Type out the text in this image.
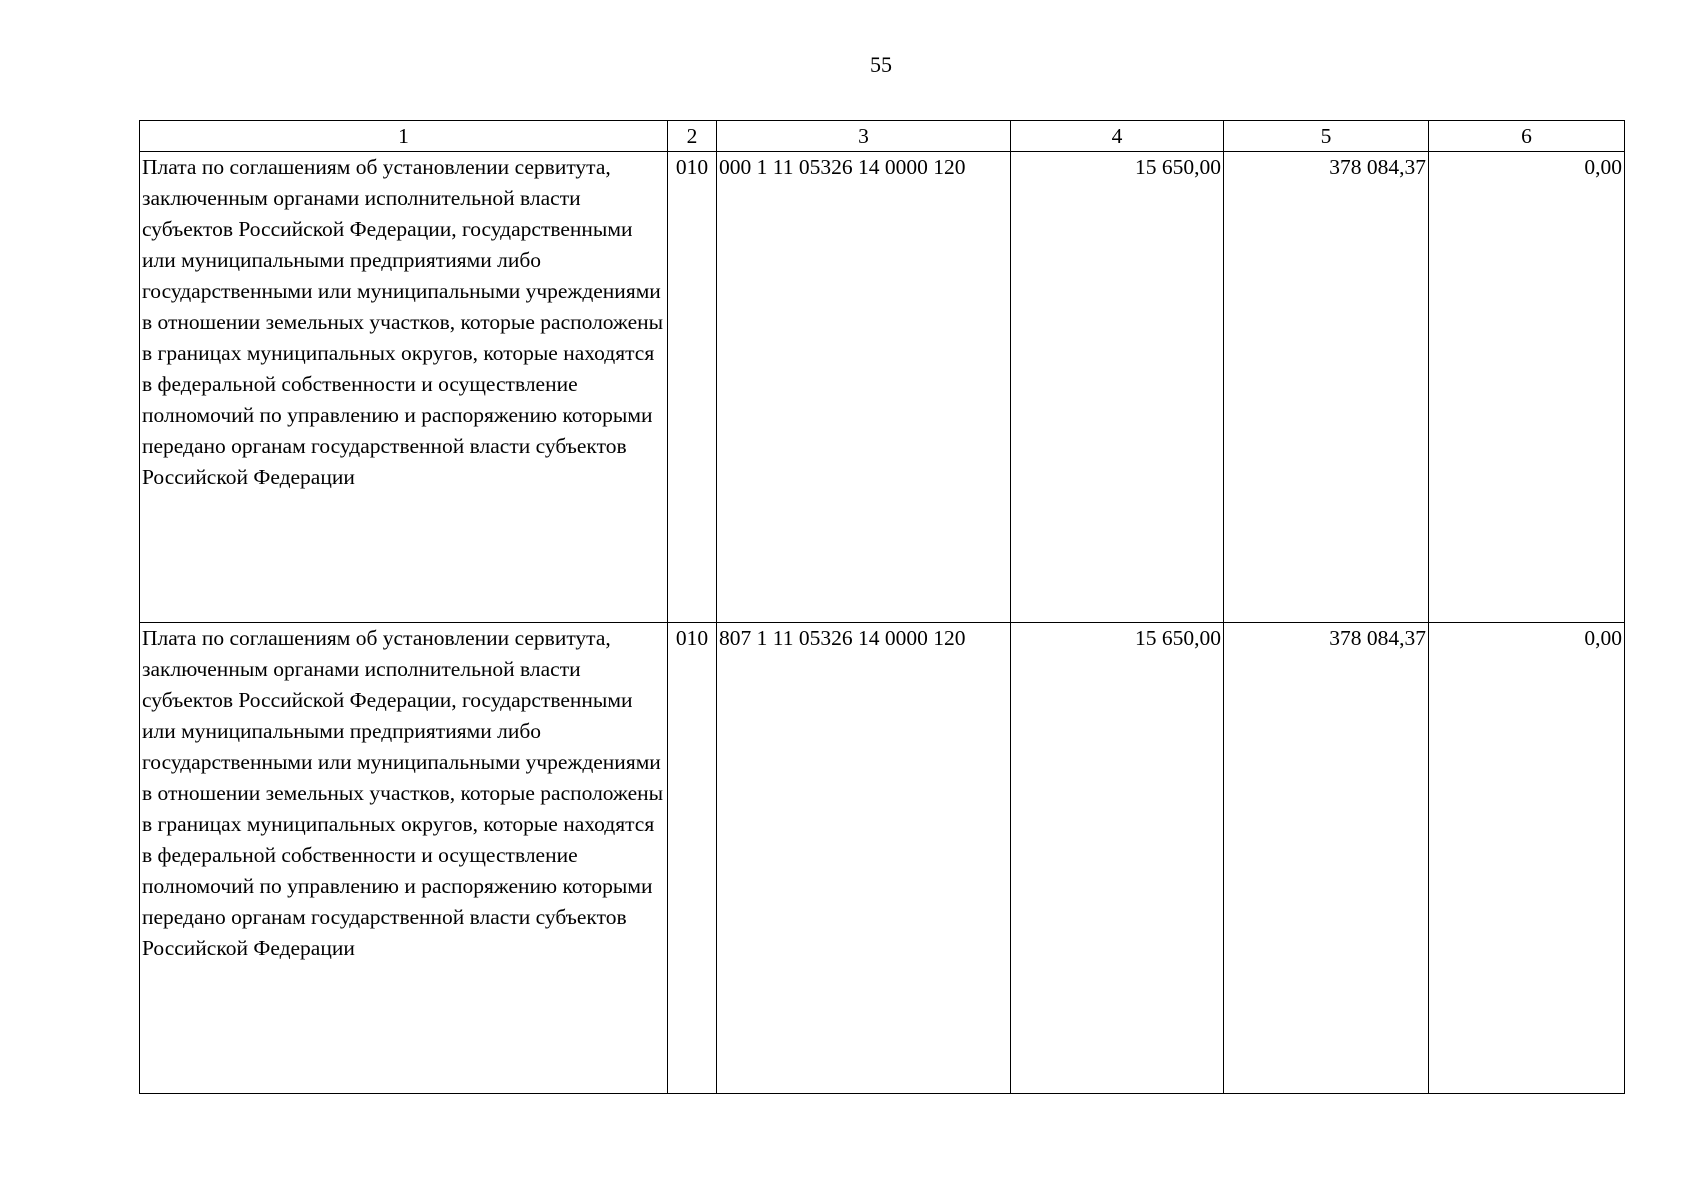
55
1	2	3	4	5	6
Плата по соглашениям об установлении сервитута, заключенным органами исполнительной власти субъектов Российской Федерации, государственными или муниципальными предприятиями либо государственными или муниципальными учреждениями в отношении земельных участков, которые расположены в границах муниципальных округов, которые находятся в федеральной собственности и осуществление полномочий по управлению и распоряжению которыми передано органам государственной власти субъектов Российской Федерации	010	000 1 11 05326 14 0000 120	15 650,00	378 084,37	0,00
Плата по соглашениям об установлении сервитута, заключенным органами исполнительной власти субъектов Российской Федерации, государственными или муниципальными предприятиями либо государственными или муниципальными учреждениями в отношении земельных участков, которые расположены в границах муниципальных округов, которые находятся в федеральной собственности и осуществление полномочий по управлению и распоряжению которыми передано органам государственной власти субъектов Российской Федерации	010	807 1 11 05326 14 0000 120	15 650,00	378 084,37	0,00
